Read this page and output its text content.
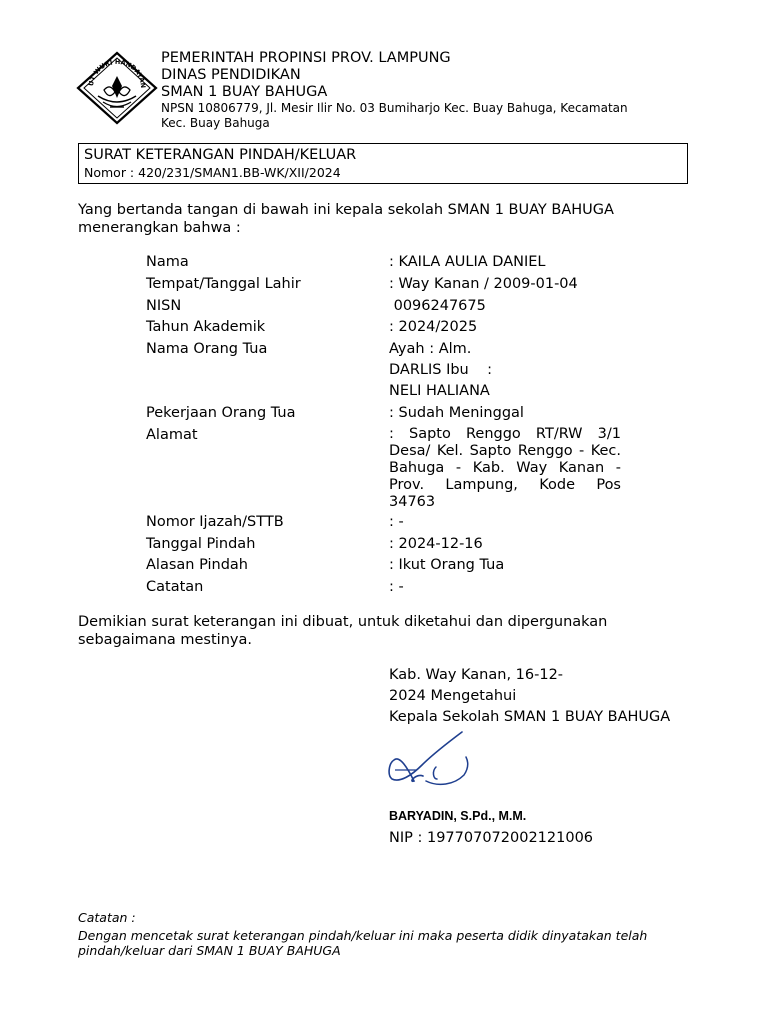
UT WURI HANDAYAN
PEMERINTAH PROPINSI PROV. LAMPUNG
DINAS PENDIDIKAN
SMAN 1 BUAY BAHUGA
NPSN 10806779, Jl. Mesir Ilir No. 03 Bumiharjo Kec. Buay Bahuga, Kecamatan
Kec. Buay Bahuga
SURAT KETERANGAN PINDAH/KELUAR
Nomor : 420/231/SMAN1.BB-WK/XII/2024
Yang bertanda tangan di bawah ini kepala sekolah SMAN 1 BUAY BAHUGA menerangkan bahwa :
Nama
Tempat/Tanggal Lahir
NISN
Tahun Akademik
Nama Orang Tua
Pekerjaan Orang Tua
Alamat
Nomor Ijazah/STTB
Tanggal Pindah
Alasan Pindah
Catatan
: KAILA AULIA DANIEL
: Way Kanan / 2009-01-04
0096247675
: 2024/2025
Ayah : Alm.
DARLIS Ibu    :
NELI HALIANA
: Sudah Meninggal
: Sapto Renggo RT/RW 3/1 Desa/ Kel. Sapto Renggo - Kec. Bahuga - Kab. Way Kanan - Prov. Lampung, Kode Pos 34763
: -
: 2024-12-16
: Ikut Orang Tua
: -
Demikian surat keterangan ini dibuat, untuk diketahui dan dipergunakan sebagaimana mestinya.
Kab. Way Kanan, 16-12-
2024 Mengetahui
Kepala Sekolah SMAN 1 BUAY BAHUGA
BARYADIN, S.Pd., M.M.
NIP : 197707072002121006
Catatan :
Dengan mencetak surat keterangan pindah/keluar ini maka peserta didik dinyatakan telah pindah/keluar dari SMAN 1 BUAY BAHUGA
